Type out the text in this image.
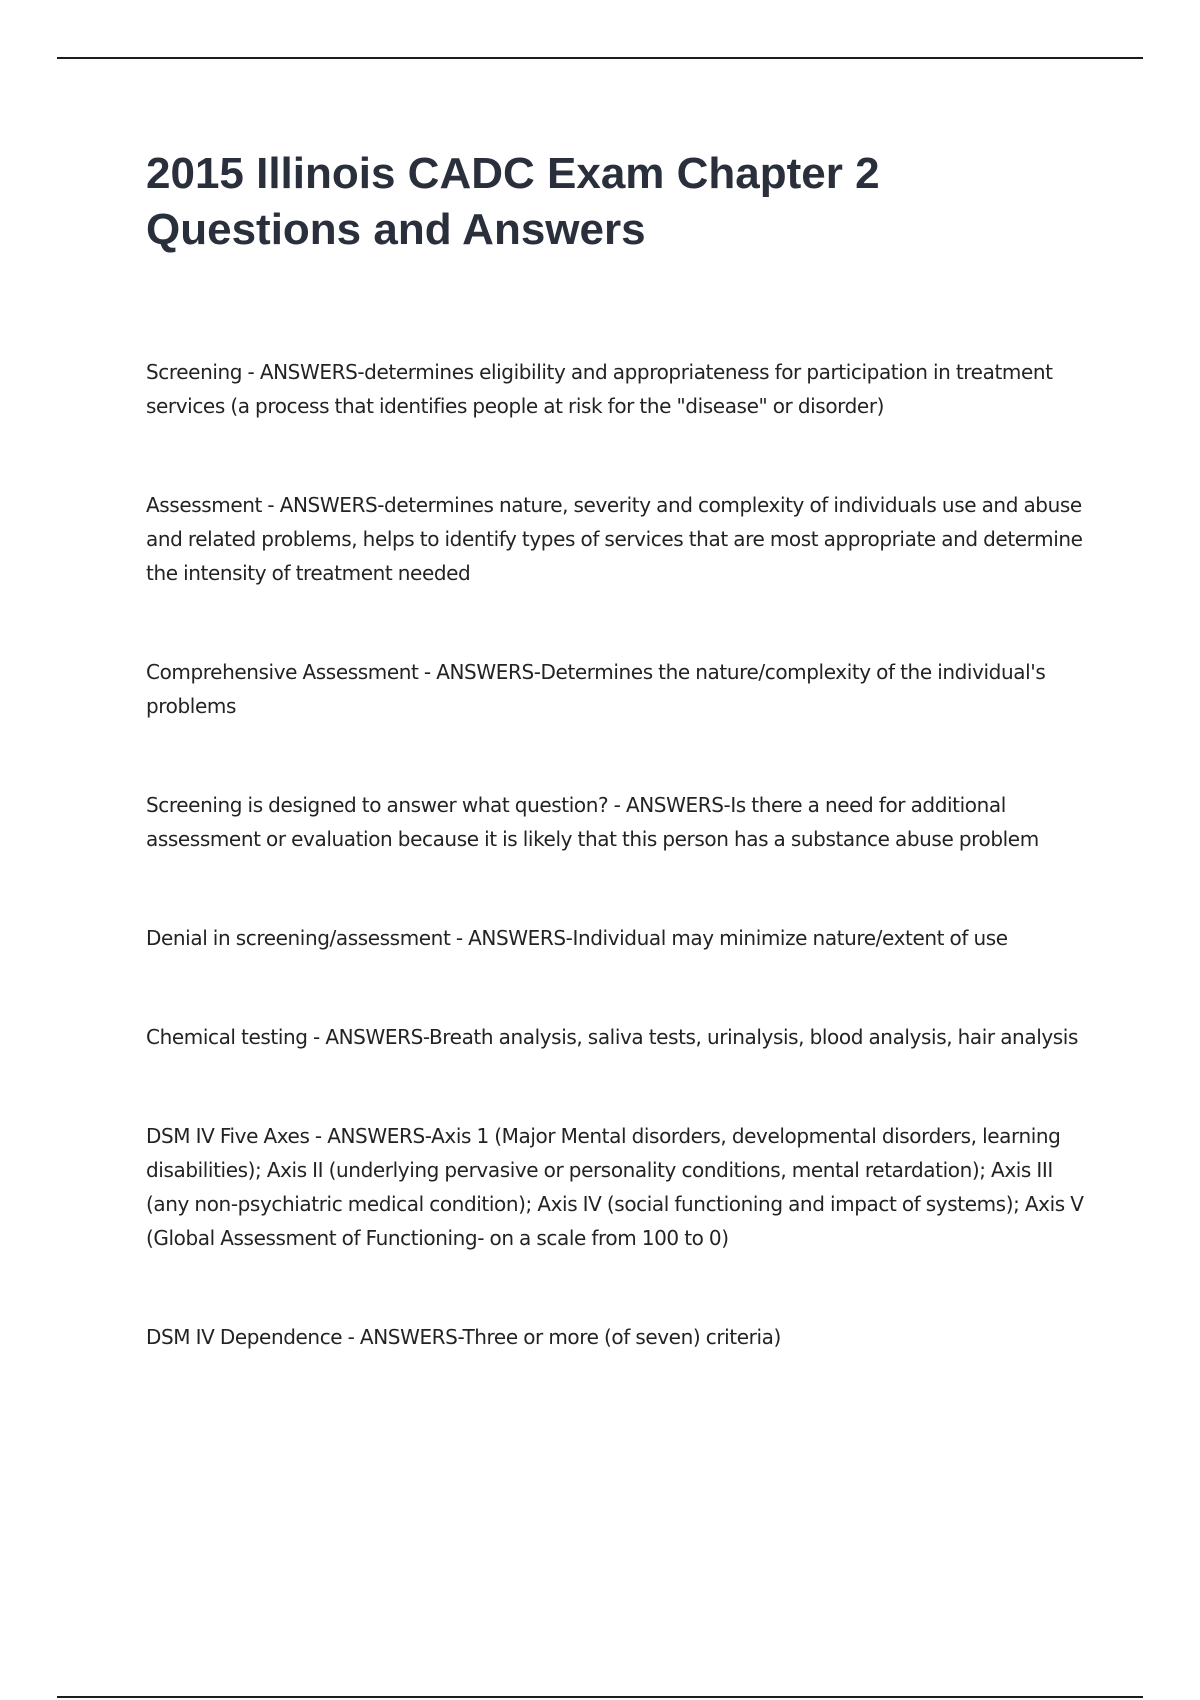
2015 Illinois CADC Exam Chapter 2 Questions and Answers

Screening - ANSWERS-determines eligibility and appropriateness for participation in treatment services (a process that identifies people at risk for the "disease" or disorder)

Assessment - ANSWERS-determines nature, severity and complexity of individuals use and abuse and related problems, helps to identify types of services that are most appropriate and determine the intensity of treatment needed

Comprehensive Assessment - ANSWERS-Determines the nature/complexity of the individual's problems

Screening is designed to answer what question? - ANSWERS-Is there a need for additional assessment or evaluation because it is likely that this person has a substance abuse problem

Denial in screening/assessment - ANSWERS-Individual may minimize nature/extent of use

Chemical testing - ANSWERS-Breath analysis, saliva tests, urinalysis, blood analysis, hair analysis

DSM IV Five Axes - ANSWERS-Axis 1 (Major Mental disorders, developmental disorders, learning disabilities); Axis II (underlying pervasive or personality conditions, mental retardation); Axis III (any non-psychiatric medical condition); Axis IV (social functioning and impact of systems); Axis V (Global Assessment of Functioning- on a scale from 100 to 0)

DSM IV Dependence - ANSWERS-Three or more (of seven) criteria)
